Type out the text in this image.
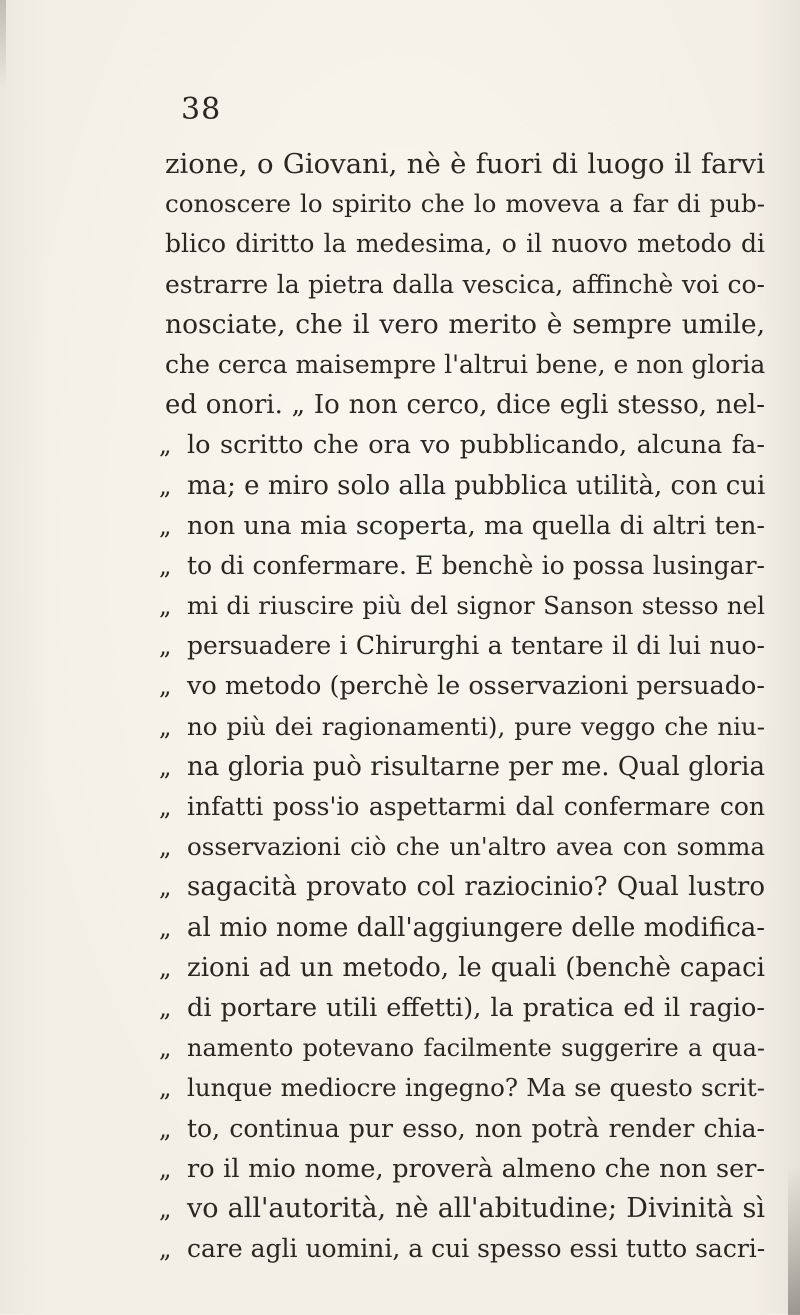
38
zione, o Giovani, nè è fuori di luogo il farvi
conoscere lo spirito che lo moveva a far di pub-
blico diritto la medesima, o il nuovo metodo di
estrarre la pietra dalla vescica, affinchè voi co-
nosciate, che il vero merito è sempre umile,
che cerca maisempre l'altrui bene, e non gloria
ed onori. „ Io non cerco, dice egli stesso, nel-
„ lo scritto che ora vo pubblicando, alcuna fa-
„ ma; e miro solo alla pubblica utilità, con cui
„ non una mia scoperta, ma quella di altri ten-
„ to di confermare. E benchè io possa lusingar-
„ mi di riuscire più del signor Sanson stesso nel
„ persuadere i Chirurghi a tentare il di lui nuo-
„ vo metodo (perchè le osservazioni persuado-
„ no più dei ragionamenti), pure veggo che niu-
„ na gloria può risultarne per me. Qual gloria
„ infatti poss'io aspettarmi dal confermare con
„ osservazioni ciò che un'altro avea con somma
„ sagacità provato col raziocinio? Qual lustro
„ al mio nome dall'aggiungere delle modifica-
„ zioni ad un metodo, le quali (benchè capaci
„ di portare utili effetti), la pratica ed il ragio-
„ namento potevano facilmente suggerire a qua-
„ lunque mediocre ingegno? Ma se questo scrit-
„ to, continua pur esso, non potrà render chia-
„ ro il mio nome, proverà almeno che non ser-
„ vo all'autorità, nè all'abitudine; Divinità sì
„ care agli uomini, a cui spesso essi tutto sacri-
